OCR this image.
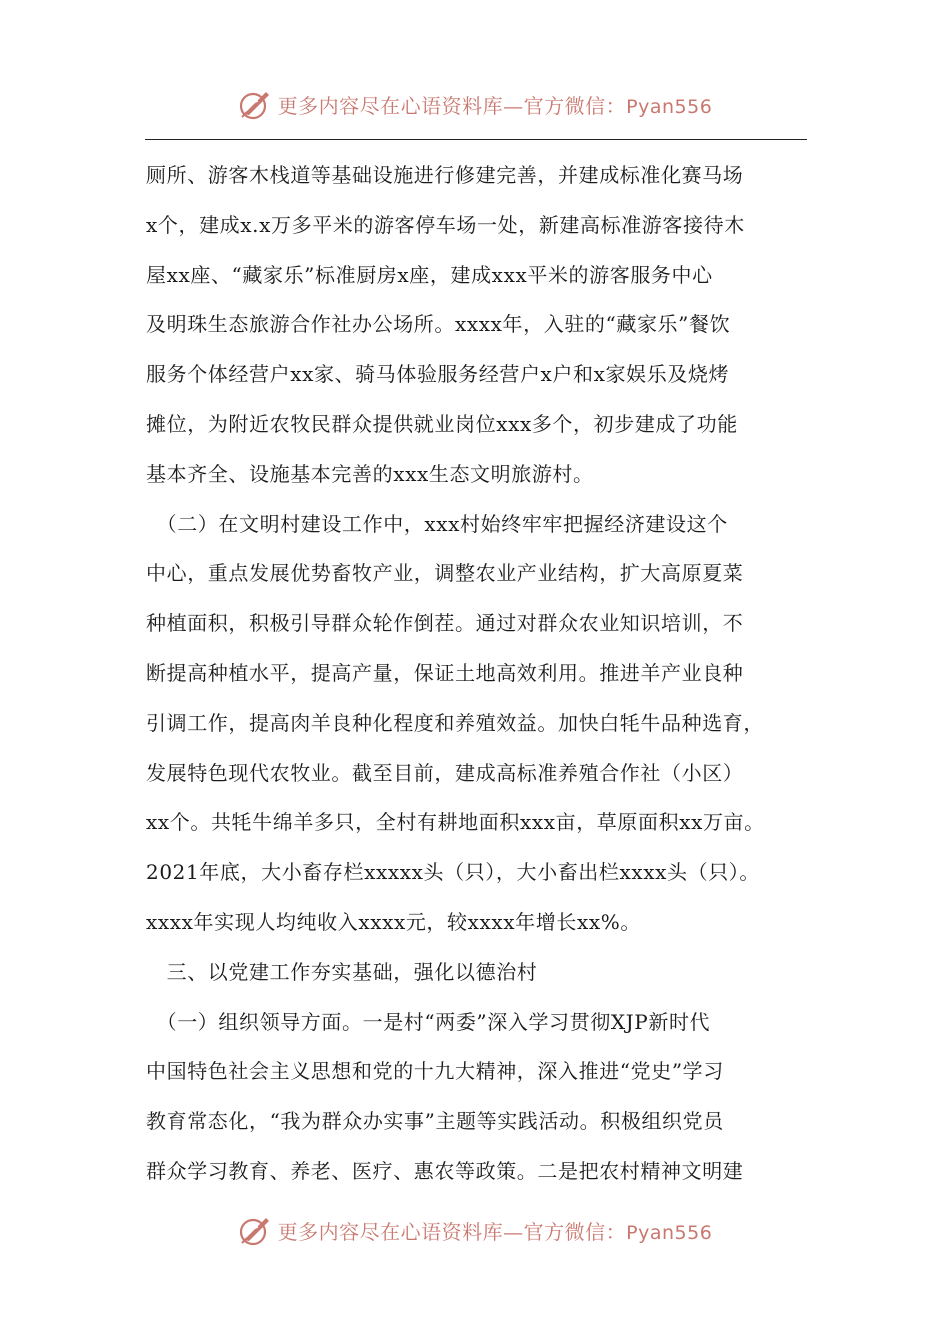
更多内容尽在心语资料库—官方微信：Pyan556
厕所、游客木栈道等基础设施进行修建完善，并建成标准化赛马场
x个，建成x.x万多平米的游客停车场一处，新建高标准游客接待木
屋xx座、“藏家乐”标准厨房x座，建成xxx平米的游客服务中心
及明珠生态旅游合作社办公场所。xxxx年，入驻的“藏家乐”餐饮
服务个体经营户xx家、骑马体验服务经营户x户和x家娱乐及烧烤
摊位，为附近农牧民群众提供就业岗位xxx多个，初步建成了功能
基本齐全、设施基本完善的xxx生态文明旅游村。
　（二）在文明村建设工作中，xxx村始终牢牢把握经济建设这个
中心，重点发展优势畜牧产业，调整农业产业结构，扩大高原夏菜
种植面积，积极引导群众轮作倒茬。通过对群众农业知识培训，不
断提高种植水平，提高产量，保证土地高效利用。推进羊产业良种
引调工作，提高肉羊良种化程度和养殖效益。加快白牦牛品种选育，
发展特色现代农牧业。截至目前，建成高标准养殖合作社（小区）
xx个。共牦牛绵羊多只，全村有耕地面积xxx亩，草原面积xx万亩。
2021年底，大小畜存栏xxxxx头（只），大小畜出栏xxxx头（只）。
xxxx年实现人均纯收入xxxx元，较xxxx年增长xx%。
　三、以党建工作夯实基础，强化以德治村
　（一）组织领导方面。一是村“两委”深入学习贯彻XJP新时代
中国特色社会主义思想和党的十九大精神，深入推进“党史”学习
教育常态化，“我为群众办实事”主题等实践活动。积极组织党员
群众学习教育、养老、医疗、惠农等政策。二是把农村精神文明建
更多内容尽在心语资料库—官方微信：Pyan556
